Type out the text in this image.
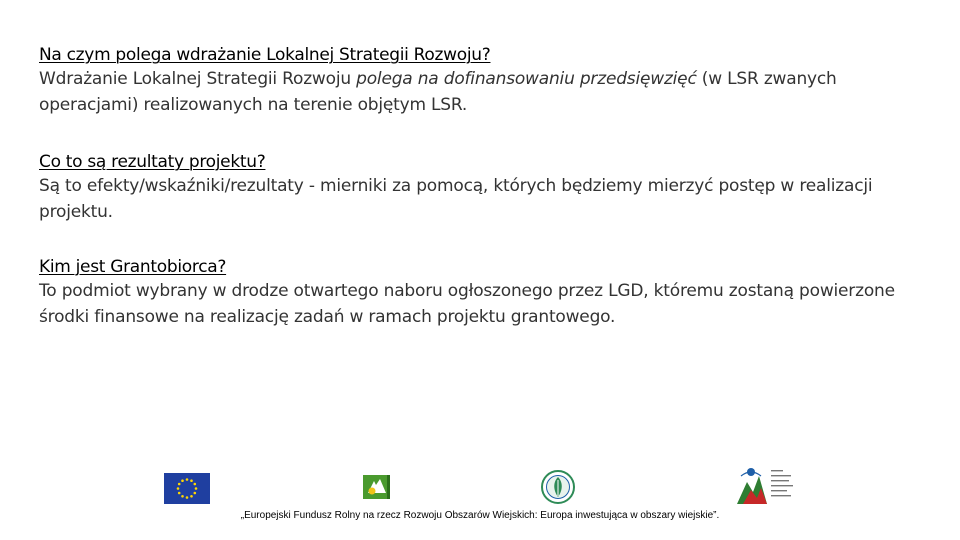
Na czym polega wdrażanie Lokalnej Strategii Rozwoju?
Wdrażanie Lokalnej Strategii Rozwoju polega na dofinansowaniu przedsięwzięć (w LSR zwanych operacjami) realizowanych na terenie objętym LSR.
Co to są rezultaty projektu?
Są to efekty/wskaźniki/rezultaty - mierniki za pomocą, których będziemy mierzyć postęp w realizacji projektu.
Kim jest Grantobiorca?
To podmiot wybrany w drodze otwartego naboru ogłoszonego przez LGD, któremu zostaną powierzone środki finansowe na realizację zadań w ramach projektu grantowego.
„Europejski Fundusz Rolny na rzecz Rozwoju Obszarów Wiejskich: Europa inwestująca w obszary wiejskie”.
